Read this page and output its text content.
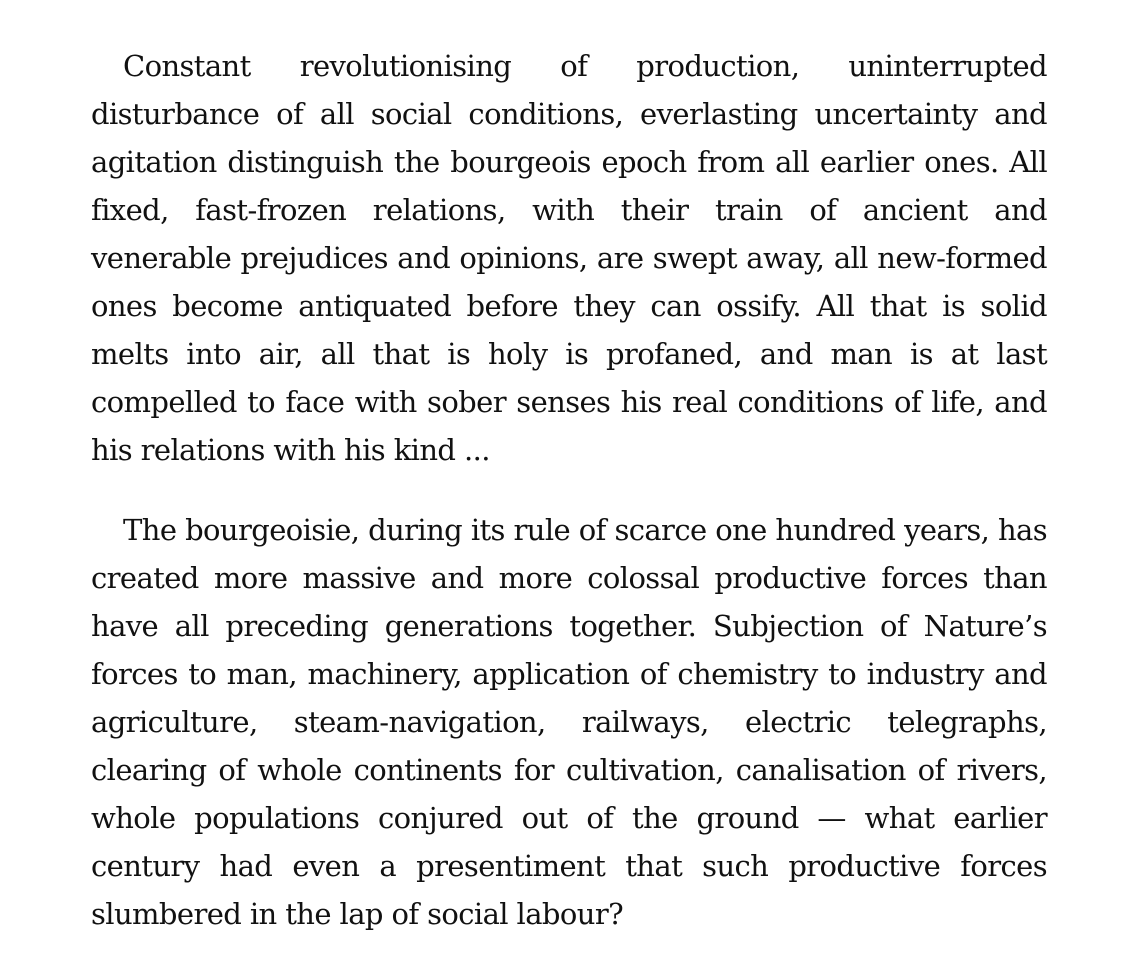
Constant revolutionising of production, uninterrupted disturbance of all social conditions, everlasting uncertainty and agitation distinguish the bourgeois epoch from all earlier ones. All fixed, fast-frozen relations, with their train of ancient and venerable prejudices and opinions, are swept away, all new-formed ones become antiquated before they can ossify. All that is solid melts into air, all that is holy is profaned, and man is at last compelled to face with sober senses his real conditions of life, and his relations with his kind ...

The bourgeoisie, during its rule of scarce one hundred years, has created more massive and more colossal productive forces than have all preceding generations together. Subjection of Nature’s forces to man, machinery, application of chemistry to industry and agriculture, steam-navigation, railways, electric telegraphs, clearing of whole continents for cultivation, canalisation of rivers, whole populations conjured out of the ground — what earlier century had even a presentiment that such productive forces slumbered in the lap of social labour?
